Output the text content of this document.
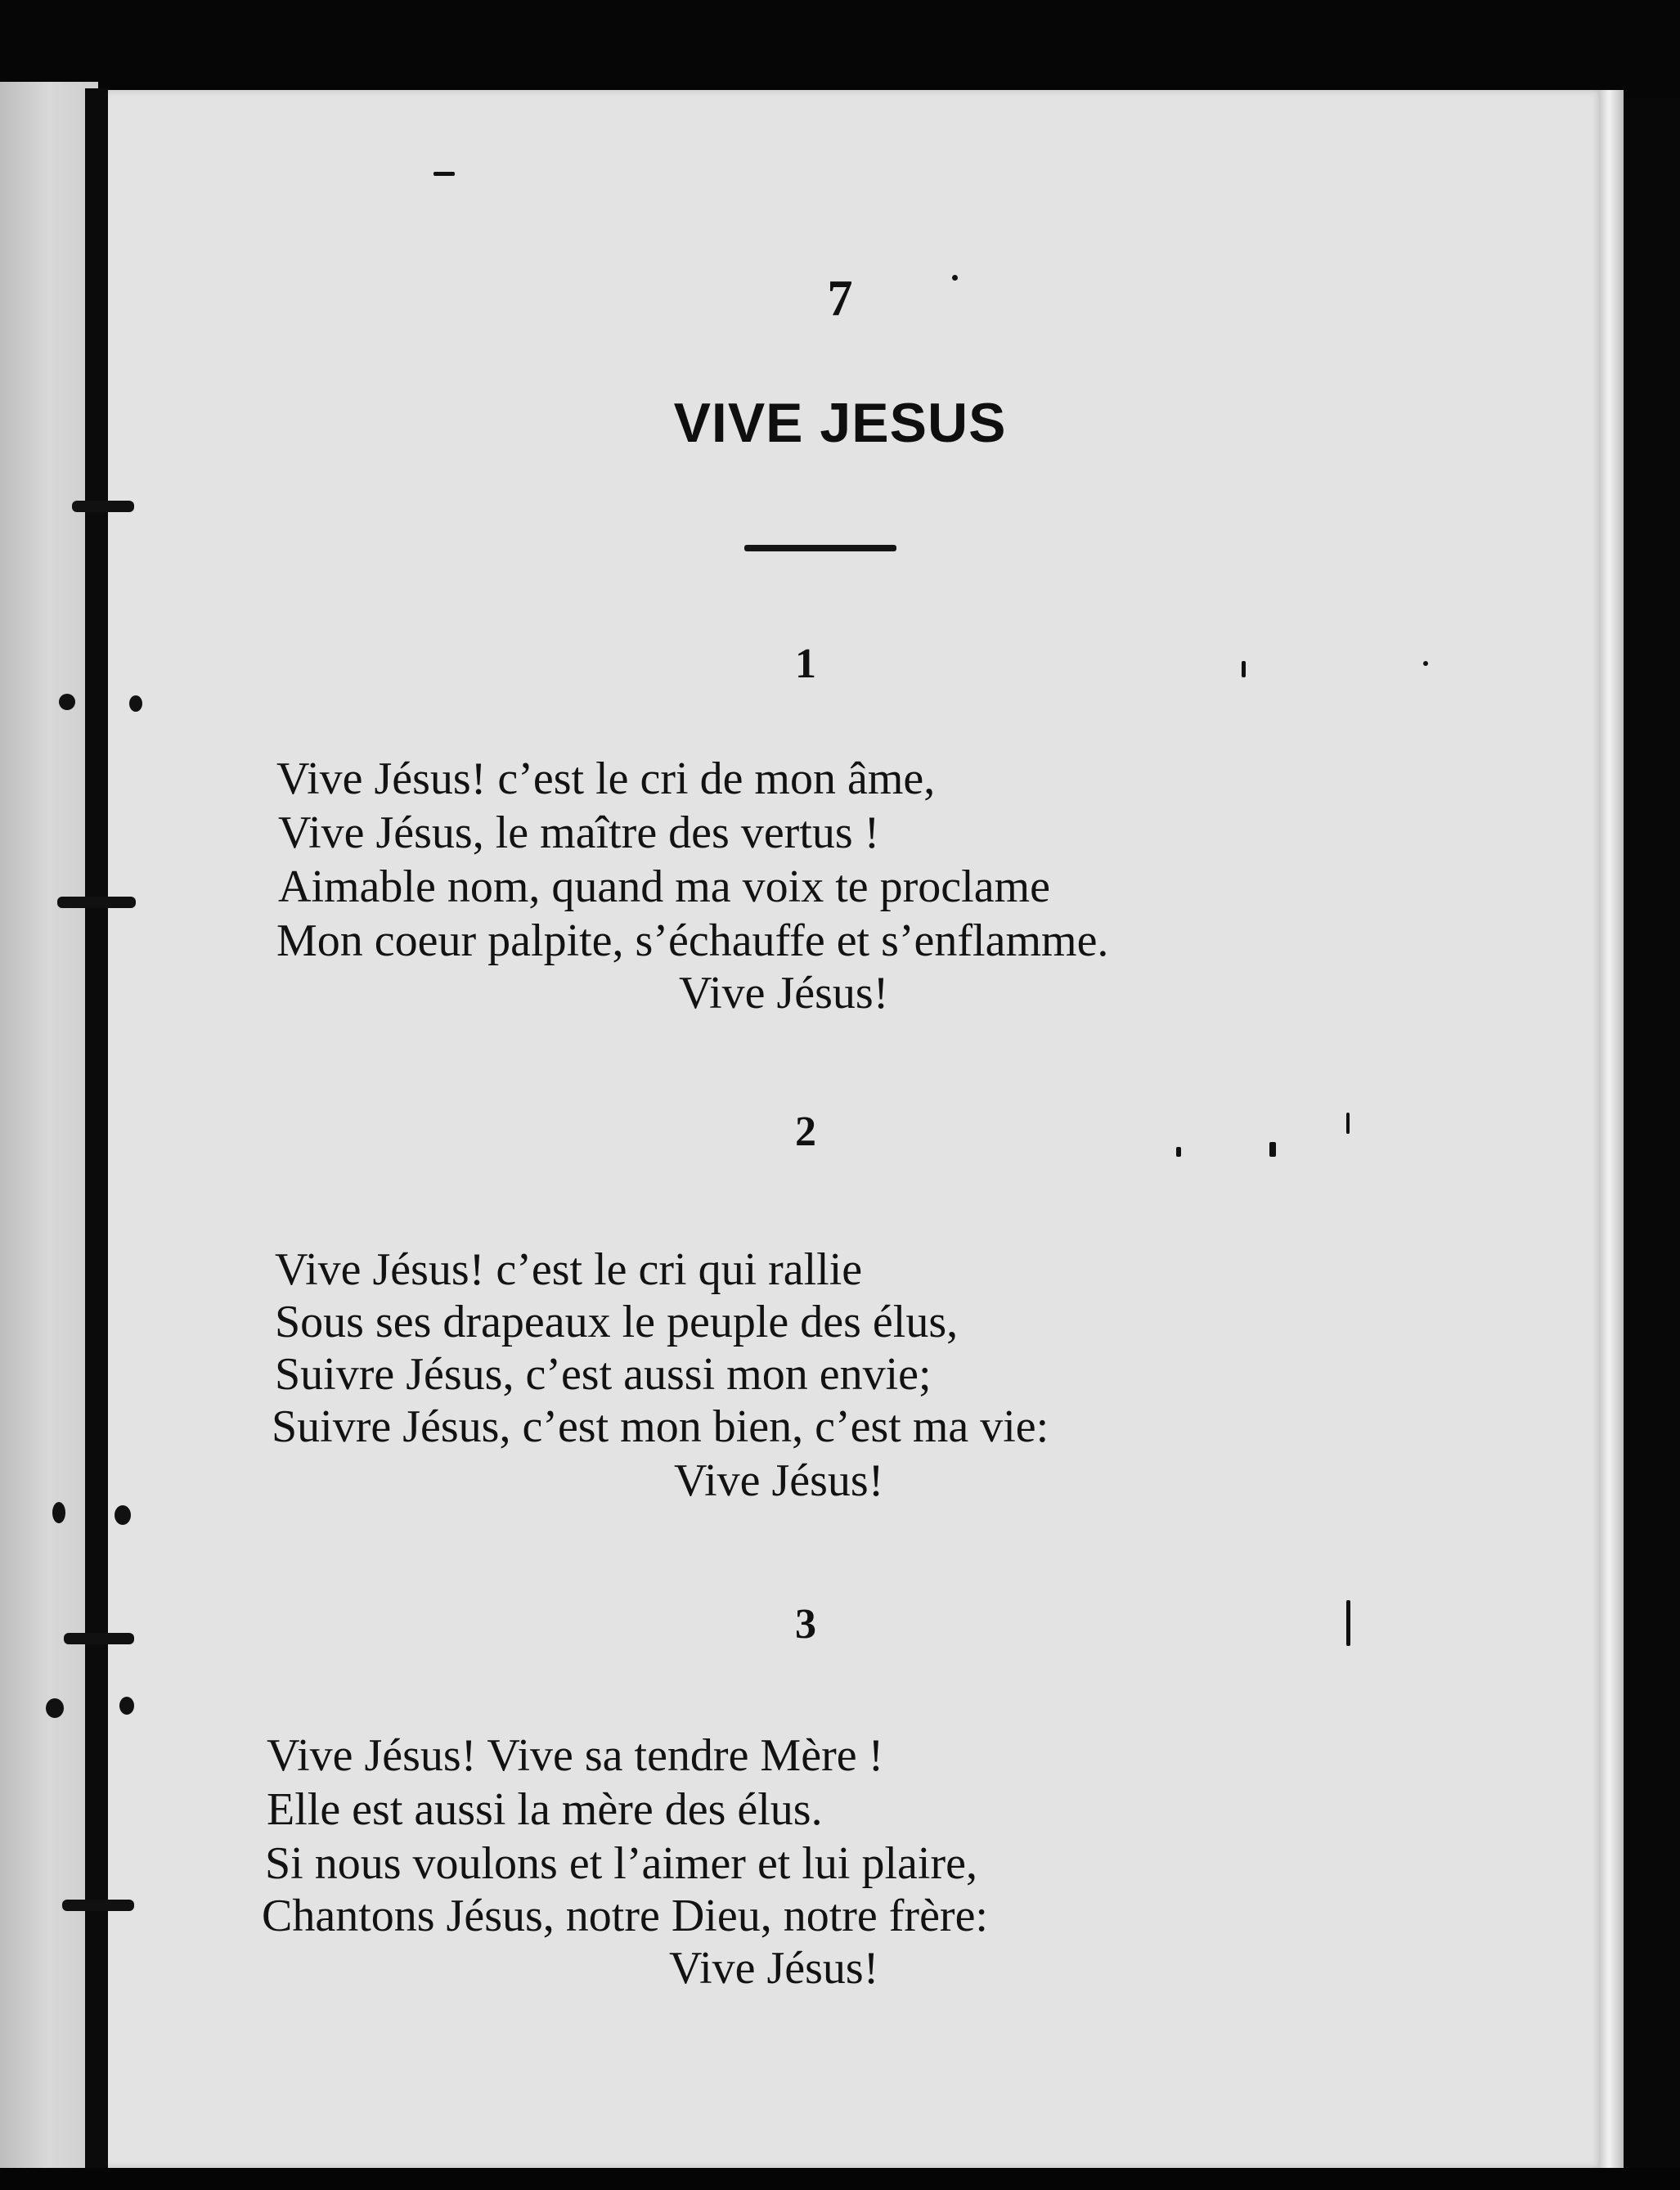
7
VIVE JESUS
1
Vive Jésus! c’est le cri de mon âme,
Vive Jésus, le maître des vertus !
Aimable nom, quand ma voix te proclame
Mon coeur palpite, s’échauffe et s’enflamme.
Vive Jésus!
2
Vive Jésus! c’est le cri qui rallie
Sous ses drapeaux le peuple des élus,
Suivre Jésus, c’est aussi mon envie;
Suivre Jésus, c’est mon bien, c’est ma vie:
Vive Jésus!
3
Vive Jésus! Vive sa tendre Mère !
Elle est aussi la mère des élus.
Si nous voulons et l’aimer et lui plaire,
Chantons Jésus, notre Dieu, notre frère:
Vive Jésus!
